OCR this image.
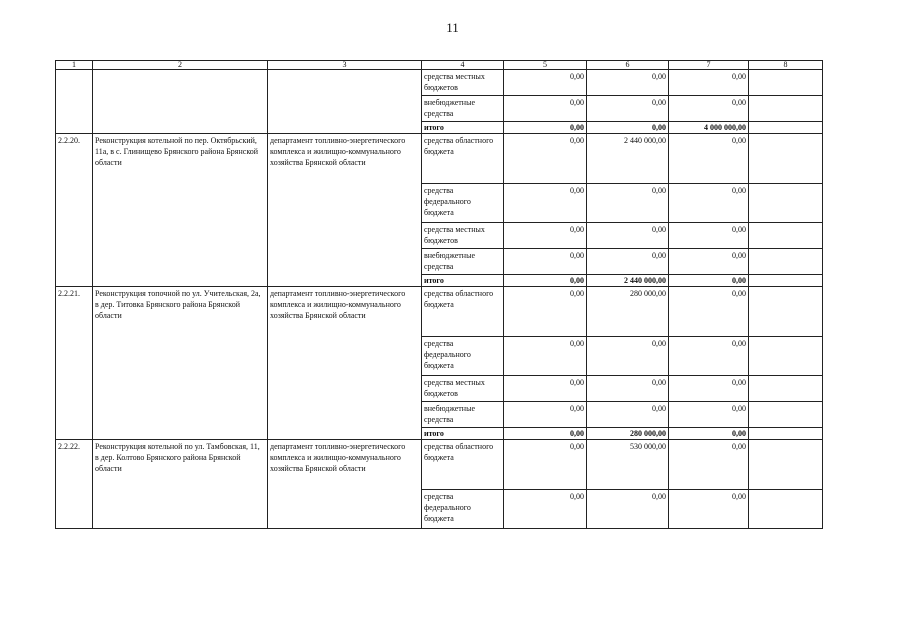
11
1	2	3	4	5	6	7	8
			средства местных бюджетов	0,00	0,00	0,00	
			внебюджетные средства	0,00	0,00	0,00	
			итого	0,00	0,00	4 000 000,00	
2.2.20.	Реконструкция котельной по пер. Октябрьский, 11а, в с. Глинищево Брянского района Брянской области	департамент топливно-энергетического комплекса и жилищно-коммунального хозяйства Брянской области	средства областного бюджета	0,00	2 440 000,00	0,00	
			средства федерального бюджета	0,00	0,00	0,00	
			средства местных бюджетов	0,00	0,00	0,00	
			внебюджетные средства	0,00	0,00	0,00	
			итого	0,00	2 440 000,00	0,00	
2.2.21.	Реконструкция топочной по ул. Учительская, 2а, в дер. Титовка Брянского района Брянской области	департамент топливно-энергетического комплекса и жилищно-коммунального хозяйства Брянской области	средства областного бюджета	0,00	280 000,00	0,00	
			средства федерального бюджета	0,00	0,00	0,00	
			средства местных бюджетов	0,00	0,00	0,00	
			внебюджетные средства	0,00	0,00	0,00	
			итого	0,00	280 000,00	0,00	
2.2.22.	Реконструкция котельной по ул. Тамбовская, 11, в дер. Колтово Брянского района Брянской области	департамент топливно-энергетического комплекса и жилищно-коммунального хозяйства Брянской области	средства областного бюджета	0,00	530 000,00	0,00	
			средства федерального бюджета	0,00	0,00	0,00	
